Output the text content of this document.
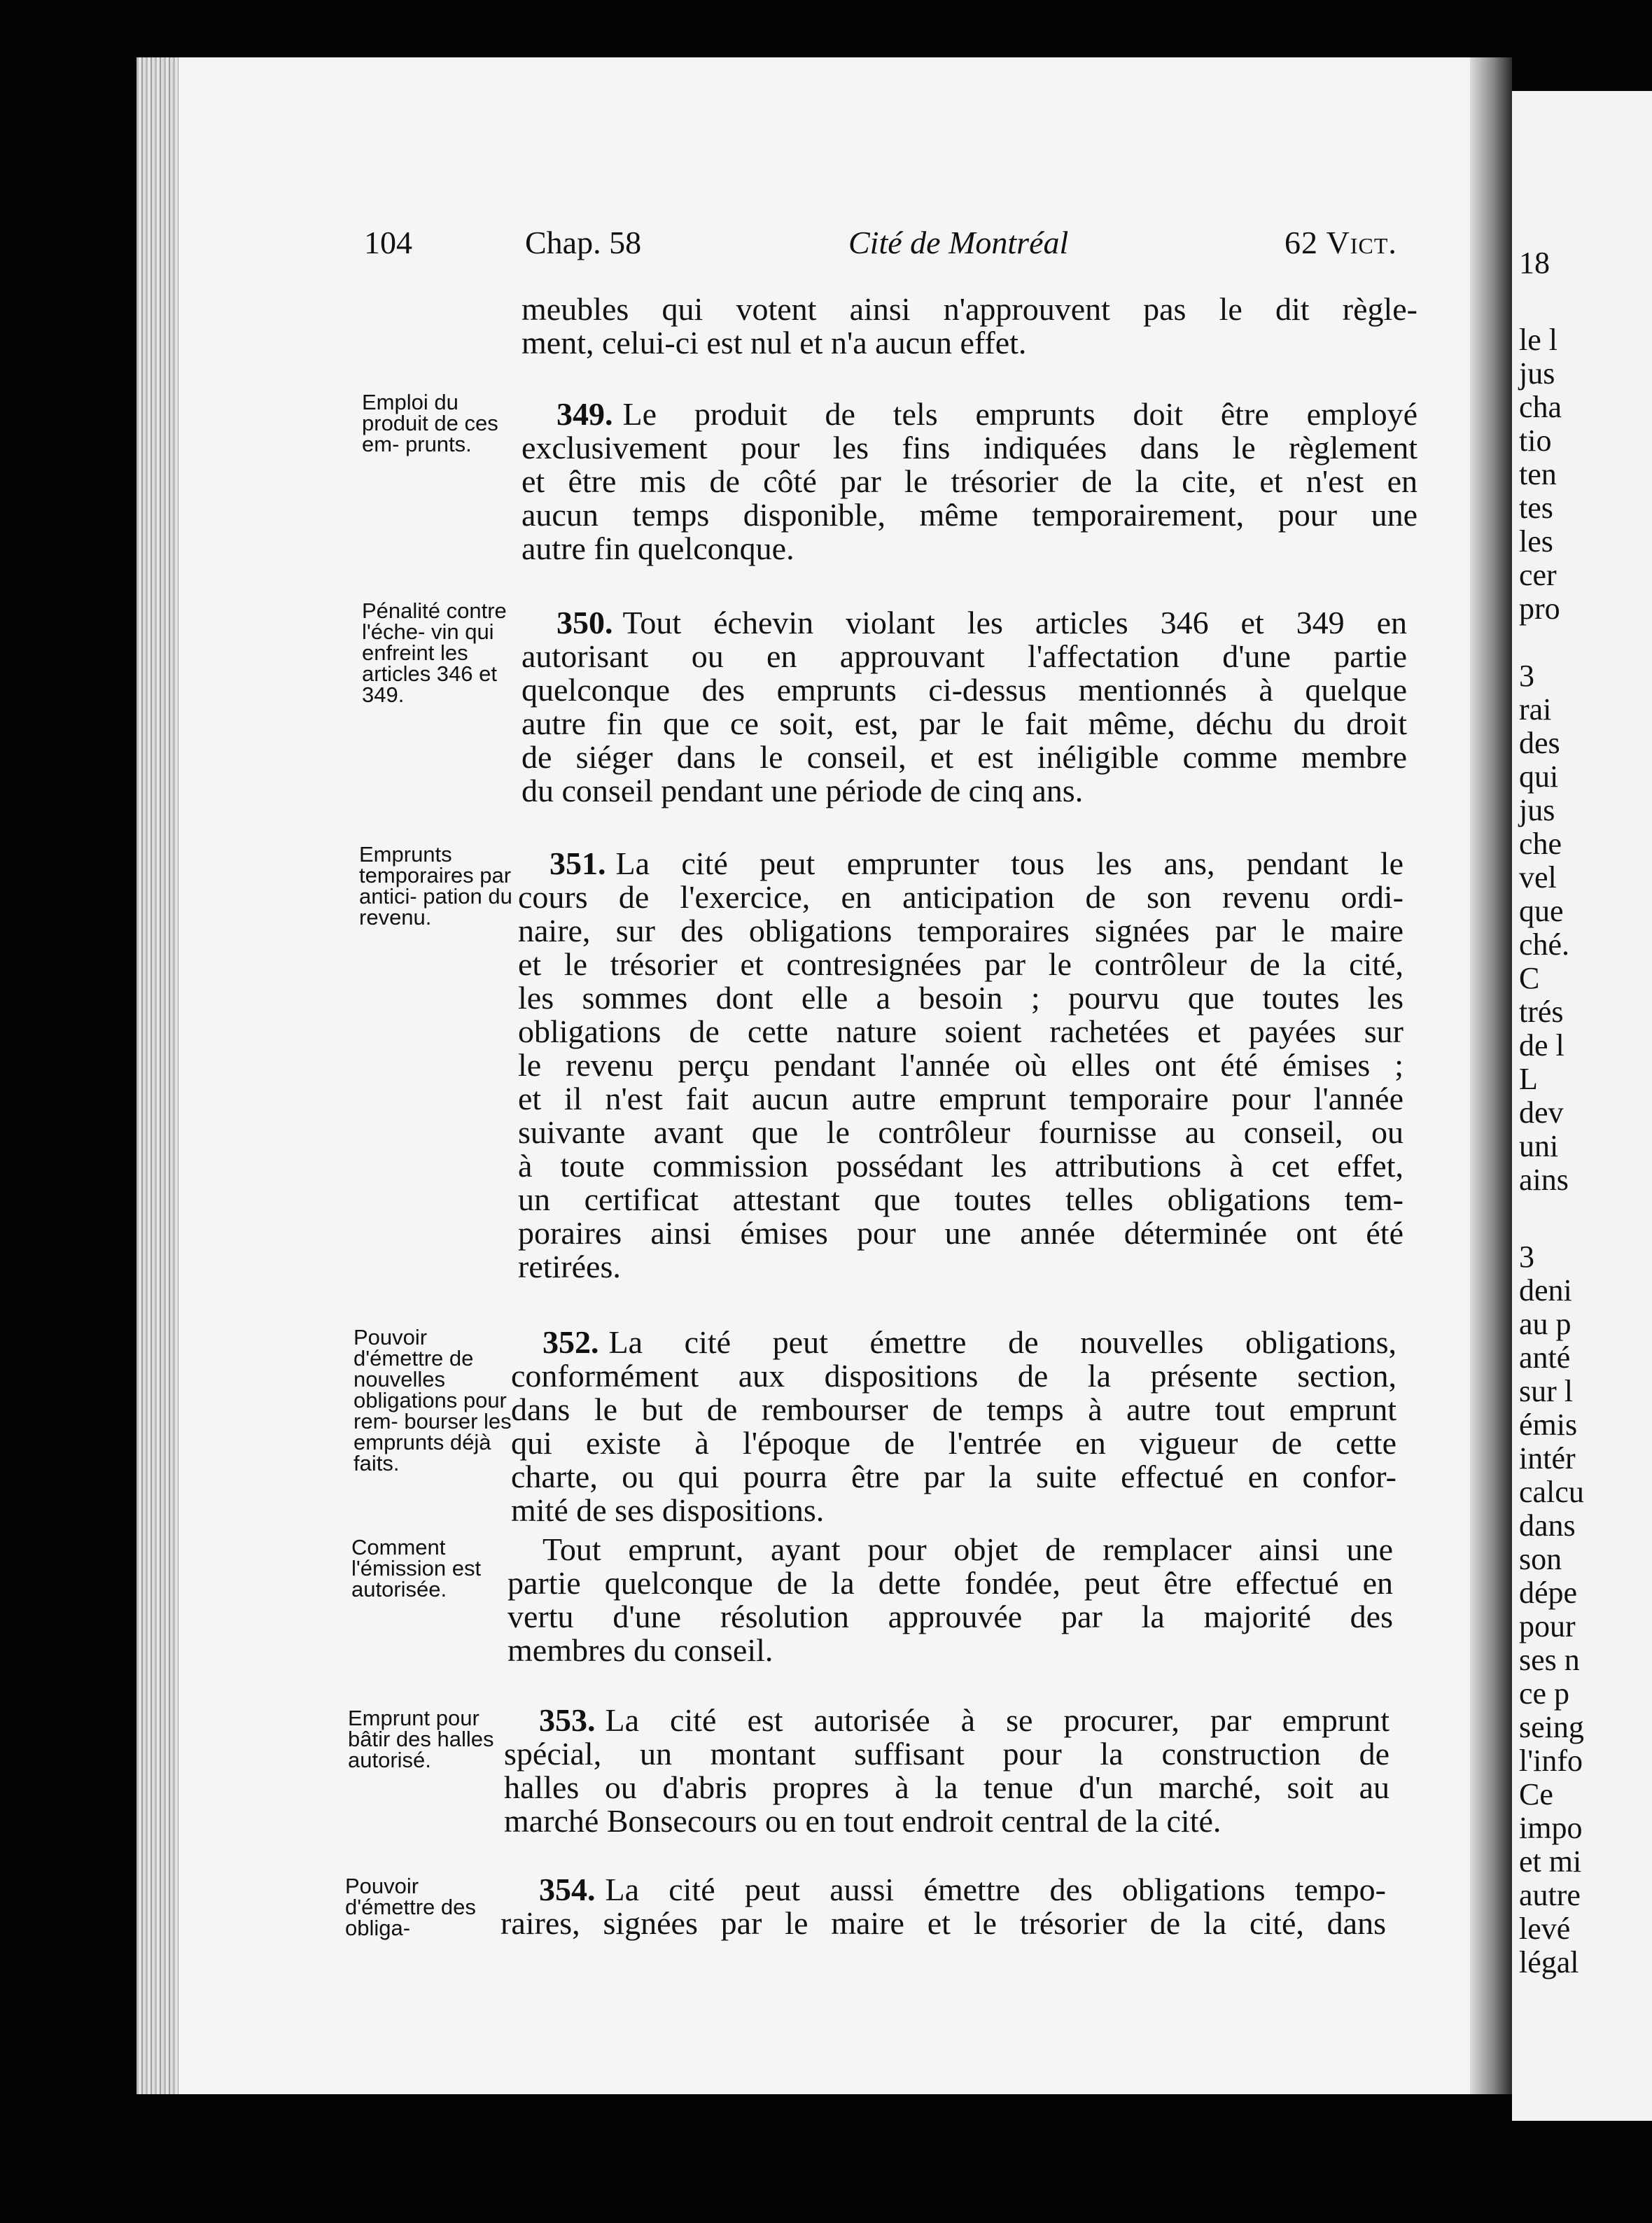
104	Chap. 58	Cité de Montréal	62 Vict.
meubles qui votent ainsi n'approuvent pas le dit règle-
ment, celui-ci est nul et n'a aucun effet.
Emploi du produit de ces em- prunts.
349. Le produit de tels emprunts doit être employé
exclusivement pour les fins indiquées dans le règlement
et être mis de côté par le trésorier de la cite, et n'est en
aucun temps disponible, même temporairement, pour une
autre fin quelconque.
Pénalité contre l'éche- vin qui enfreint les articles 346 et 349.
350. Tout échevin violant les articles 346 et 349 en
autorisant ou en approuvant l'affectation d'une partie
quelconque des emprunts ci-dessus mentionnés à quelque
autre fin que ce soit, est, par le fait même, déchu du droit
de siéger dans le conseil, et est inéligible comme membre
du conseil pendant une période de cinq ans.
Emprunts temporaires par antici- pation du revenu.
351. La cité peut emprunter tous les ans, pendant le
cours de l'exercice, en anticipation de son revenu ordi-
naire, sur des obligations temporaires signées par le maire
et le trésorier et contresignées par le contrôleur de la cité,
les sommes dont elle a besoin ; pourvu que toutes les
obligations de cette nature soient rachetées et payées sur
le revenu perçu pendant l'année où elles ont été émises ;
et il n'est fait aucun autre emprunt temporaire pour l'année
suivante avant que le contrôleur fournisse au conseil, ou
à toute commission possédant les attributions à cet effet,
un certificat attestant que toutes telles obligations tem-
poraires ainsi émises pour une année déterminée ont été
retirées.
Pouvoir d'émettre de nouvelles obligations pour rem- bourser les emprunts déjà faits.
352. La cité peut émettre de nouvelles obligations,
conformément aux dispositions de la présente section,
dans le but de rembourser de temps à autre tout emprunt
qui existe à l'époque de l'entrée en vigueur de cette
charte, ou qui pourra être par la suite effectué en confor-
mité de ses dispositions.
Comment l'émission est autorisée.
Tout emprunt, ayant pour objet de remplacer ainsi une
partie quelconque de la dette fondée, peut être effectué en
vertu d'une résolution approuvée par la majorité des
membres du conseil.
Emprunt pour bâtir des halles autorisé.
353. La cité est autorisée à se procurer, par emprunt
spécial, un montant suffisant pour la construction de
halles ou d'abris propres à la tenue d'un marché, soit au
marché Bonsecours ou en tout endroit central de la cité.
Pouvoir d'émettre des obliga-
354. La cité peut aussi émettre des obligations tempo-
raires, signées par le maire et le trésorier de la cité, dans
18
le l
jus
cha
tio
ten
tes
les
cer
pro
3
rai
des
qui
jus
che
vel
que
ché.
C
trés
de l
L
dev
uni
ains
3
deni
au p
anté
sur l
émis
intér
calcu
dans
son
dépe
pour
ses n
ce p
seing
l'info
Ce
impo
et mi
autre
levé
légal
